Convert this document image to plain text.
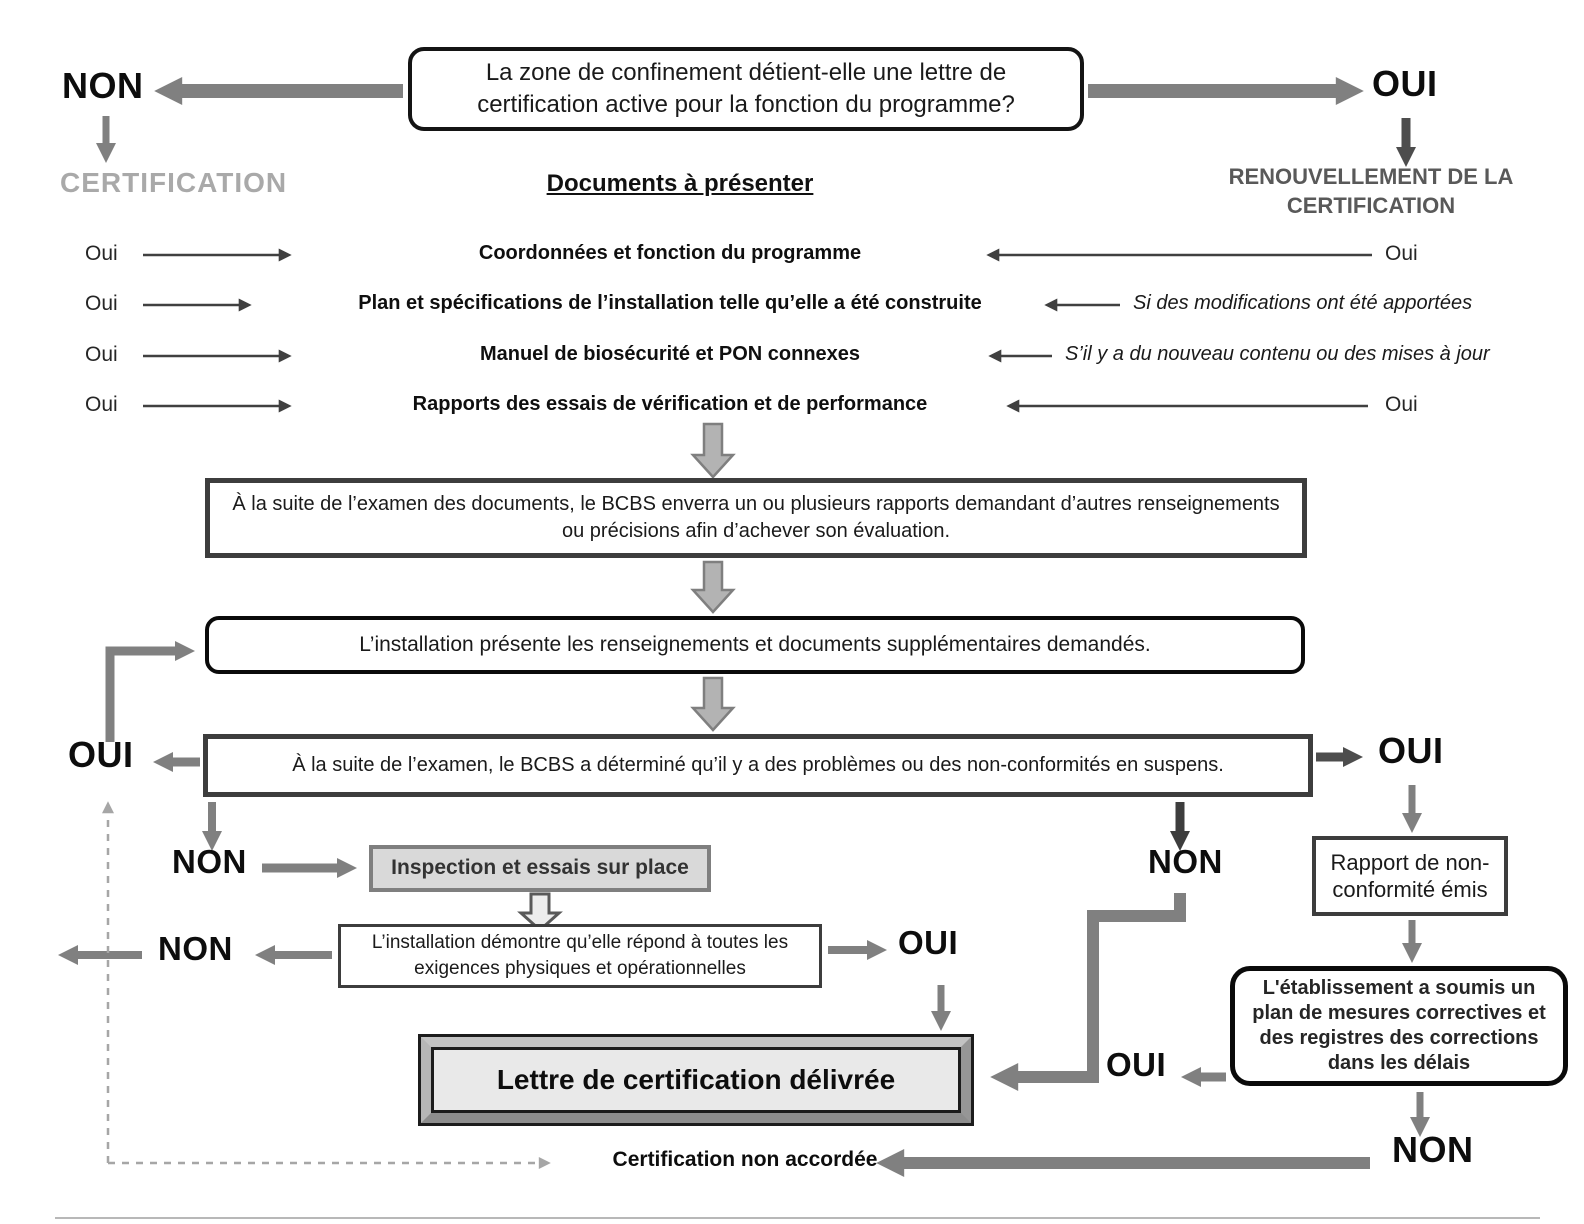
La zone de confinement détient-elle une lettre de certification active pour la fonction du programme?
NON	OUI
CERTIFICATION	RENOUVELLEMENT DE LA CERTIFICATION
Documents à présenter
Oui	Coordonnées et fonction du programme	Oui
Oui	Plan et spécifications de l’installation telle qu’elle a été construite	Si des modifications ont été apportées
Oui	Manuel de biosécurité et PON connexes	S’il y a du nouveau contenu ou des mises à jour
Oui	Rapports des essais de vérification et de performance	Oui
À la suite de l’examen des documents, le BCBS enverra un ou plusieurs rapports demandant d’autres renseignements ou précisions afin d’achever son évaluation.
L’installation présente les renseignements et documents supplémentaires demandés.
À la suite de l’examen, le BCBS a déterminé qu’il y a des problèmes ou des non-conformités en suspens.
OUI	OUI
NON	NON
Inspection et essais sur place
L’installation démontre qu’elle répond à toutes les exigences physiques et opérationnelles
NON	OUI
Lettre de certification délivrée
Rapport de non-conformité émis
L'établissement a soumis un plan de mesures correctives et des registres des corrections dans les délais
OUI
NON
Certification non accordée
